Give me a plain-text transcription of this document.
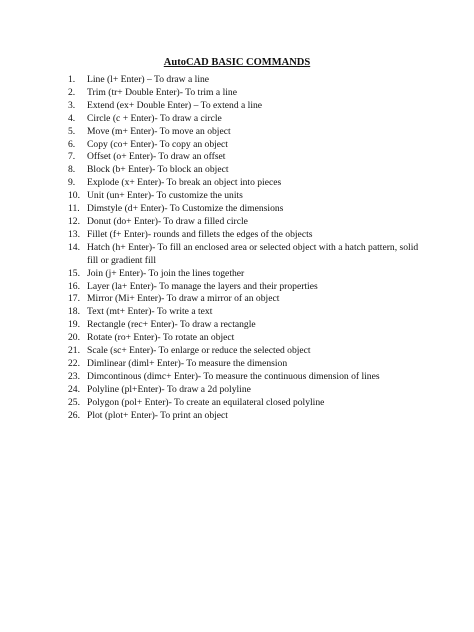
AutoCAD BASIC COMMANDS
1.	Line (l+ Enter) – To draw a line
2.	Trim (tr+ Double Enter)- To trim a line
3.	Extend (ex+ Double Enter) – To extend a line
4.	Circle (c + Enter)- To draw a circle
5.	Move (m+ Enter)- To move an object
6.	Copy (co+ Enter)- To copy an object
7.	Offset (o+ Enter)- To draw an offset
8.	Block (b+ Enter)- To block an object
9.	Explode (x+ Enter)- To break an object into pieces
10. Unit (un+ Enter)- To customize the units
11. Dimstyle (d+ Enter)- To Customize the dimensions
12. Donut (do+ Enter)- To draw a filled circle
13. Fillet (f+ Enter)- rounds and fillets the edges of the objects
14. Hatch (h+ Enter)- To fill an enclosed area or selected object with a hatch pattern, solid fill or gradient fill
15. Join (j+ Enter)- To join the lines together
16. Layer (la+ Enter)- To manage the layers and their properties
17. Mirror (Mi+ Enter)- To draw a mirror of an object
18. Text (mt+ Enter)- To write a text
19. Rectangle (rec+ Enter)- To draw a rectangle
20. Rotate (ro+ Enter)- To rotate an object
21. Scale (sc+ Enter)- To enlarge or reduce the selected object
22. Dimlinear (diml+ Enter)- To measure the dimension
23. Dimcontinous (dimc+ Enter)- To measure the continuous dimension of lines
24. Polyline (pl+Enter)- To draw a 2d polyline
25. Polygon (pol+ Enter)- To create an equilateral closed polyline
26. Plot (plot+ Enter)- To print an object
